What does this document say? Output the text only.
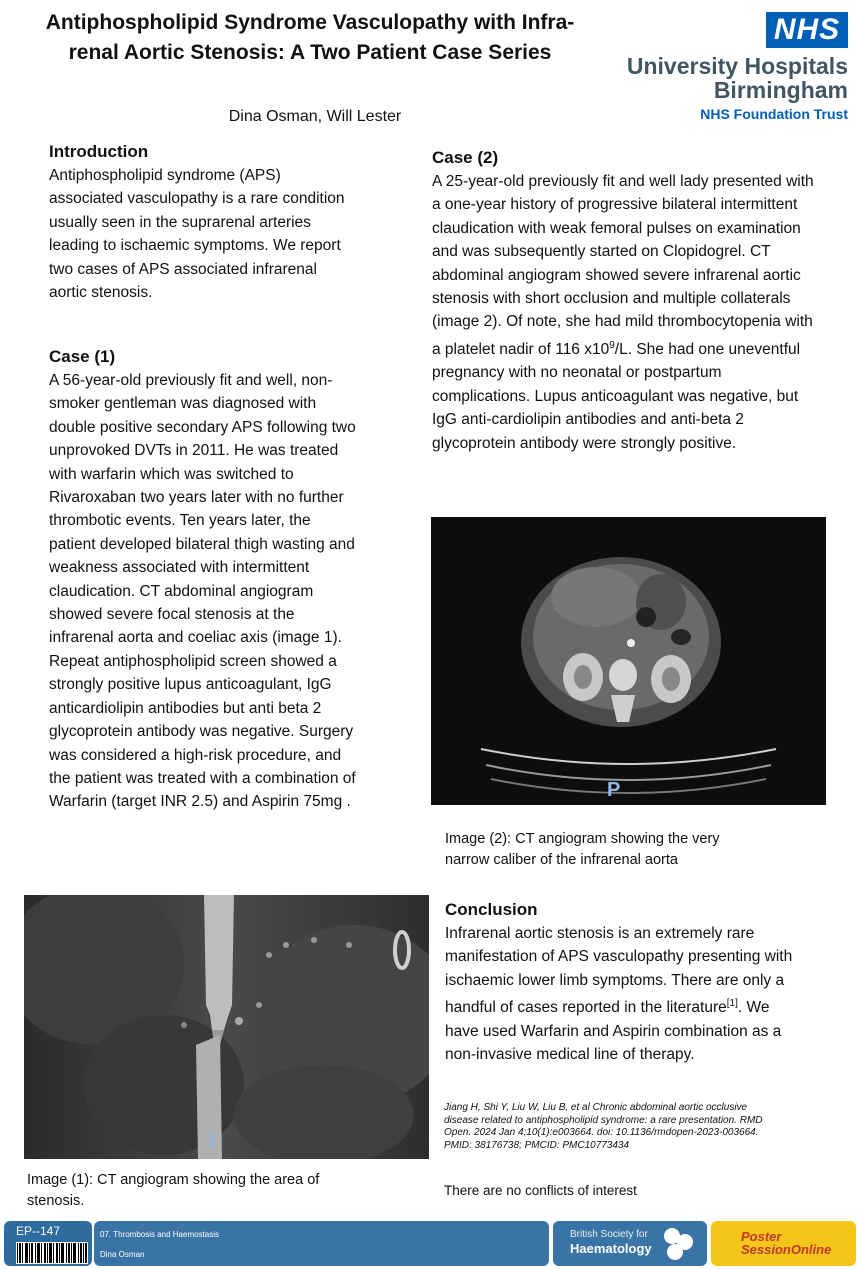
Antiphospholipid Syndrome Vasculopathy with Infra-renal Aortic Stenosis: A Two Patient Case Series
Dina Osman, Will Lester
NHS
University Hospitals
Birmingham
NHS Foundation Trust
Introduction

Antiphospholipid syndrome (APS) associated vasculopathy is a rare condition usually seen in the suprarenal arteries leading to ischaemic symptoms. We report two cases of APS associated infrarenal aortic stenosis.

Case (1)

A 56-year-old previously fit and well, non-smoker gentleman was diagnosed with double positive secondary APS following two unprovoked DVTs in 2011. He was treated with warfarin which was switched to Rivaroxaban two years later with no further thrombotic events. Ten years later, the patient developed bilateral thigh wasting and weakness associated with intermittent claudication. CT abdominal angiogram showed severe focal stenosis at the infrarenal aorta and coeliac axis (image 1). Repeat antiphospholipid screen showed a strongly positive lupus anticoagulant, IgG anticardiolipin antibodies but anti beta 2 glycoprotein antibody was negative. Surgery was considered a high-risk procedure, and the patient was treated with a combination of Warfarin (target INR 2.5) and Aspirin 75mg .

I
Image (1): CT angiogram showing the area of stenosis.
Case (2)

A 25-year-old previously fit and well lady presented with a one-year history of progressive bilateral intermittent claudication with weak femoral pulses on examination and was subsequently started on Clopidogrel. CT abdominal angiogram showed severe infrarenal aortic stenosis with short occlusion and multiple collaterals (image 2). Of note, she had mild thrombocytopenia with a platelet nadir of 116 $x10^9/L$. She had one uneventful pregnancy with no neonatal or postpartum complications. Lupus anticoagulant was negative, but IgG anti-cardiolipin antibodies and anti-beta 2 glycoprotein antibody were strongly positive.

P
Image (2): CT angiogram showing the very narrow caliber of the infrarenal aorta
Conclusion

Infrarenal aortic stenosis is an extremely rare manifestation of APS vasculopathy presenting with ischaemic lower limb symptoms. There are only a handful of cases reported in the literature[1]. We have used Warfarin and Aspirin combination as a non-invasive medical line of therapy.

Jiang H, Shi Y, Liu W, Liu B, et al Chronic abdominal aortic occlusive disease related to antiphospholipid syndrome: a rare presentation. RMD Open. 2024 Jan 4;10(1):e003664. doi: 10.1136/rmdopen-2023-003664. PMID: 38176738; PMCID: PMC10773434
There are no conflicts of interest
EP--147	07. Thrombosis and Haemostasis
Dina Osman
British Society for
Haematology
Poster
SessionOnline
